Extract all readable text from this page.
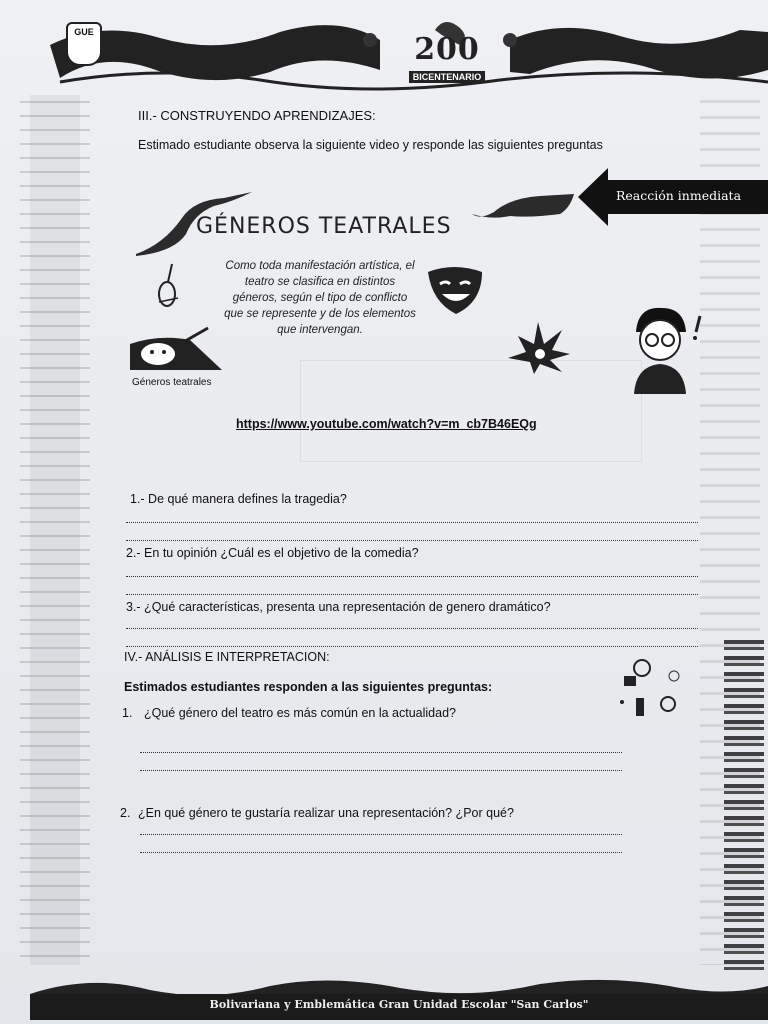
GUE	200
BICENTENARIO
III.- CONSTRUYENDO APRENDIZAJES:
Estimado estudiante observa la siguiente video y responde las siguientes preguntas
Reacción inmediata
GÉNEROS TEATRALES
Como toda manifestación artística, el teatro se clasifica en distintos géneros, según el tipo de conflicto que se represente y de los elementos que intervengan.
Géneros teatrales
https://www.youtube.com/watch?v=m_cb7B46EQg
1.- De qué manera defines la tragedia?
2.- En tu opinión ¿Cuál es el objetivo de la comedia?
3.- ¿Qué características, presenta una representación de genero dramático?
IV.- ANÁLISIS E INTERPRETACION:
Estimados estudiantes responden a las siguientes preguntas:
1. ¿Qué género del teatro es más común en la actualidad?
2. ¿En qué género te gustaría realizar una representación? ¿Por qué?
Bolivariana y Emblemática Gran Unidad Escolar "San Carlos"
